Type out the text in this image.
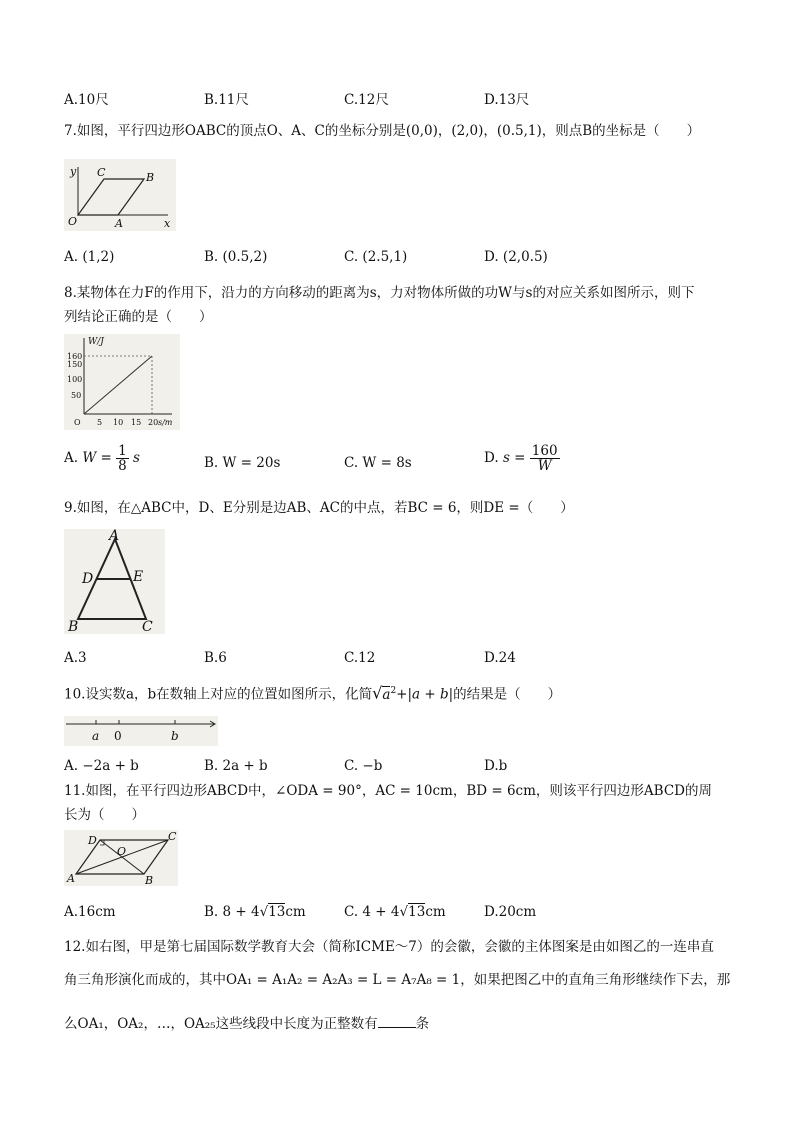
A.10尺	B.11尺	C.12尺	D.13尺
7.如图，平行四边形OABC的顶点O、A、C的坐标分别是(0,0)，(2,0)，(0.5,1)，则点B的坐标是（　　）
y C	B
O	A	x
A. (1,2)	B. (0.5,2)	C. (2.5,1)	D. (2,0.5)
8.某物体在力F的作用下，沿力的方向移动的距离为s，力对物体所做的功W与s的对应关系如图所示，则下
列结论正确的是（　　）
W/J
160
150
100
50
O 5 10 15 20 s/m
A. $W = \frac{1}{8}$ s	B. W = 20s	C. W = 8s	D. $s = \frac{160}{W}$
9.如图，在△ABC中，D、E分别是边AB、AC的中点，若BC = 6，则DE =（　　）
A
D	E
B	C
A.3	B.6	C.12	D.24
10.设实数a，b在数轴上对应的位置如图所示，化简$√a^2+|a + b|$的结果是（　　）
a 0	b
A. −2a + b	B. 2a + b	C. −b	D.b
11.如图，在平行四边形ABCD中，∠ODA = 90°，AC = 10cm，BD = 6cm，则该平行四边形ABCD的周
长为（　　）
D	C
O
A	B
A.16cm	B. 8 + 4√13cm	C. 4 + 4√13cm	D.20cm
12.如右图，甲是第七届国际数学教育大会（简称ICME～7）的会徽，会徽的主体图案是由如图乙的一连串直
角三角形演化而成的，其中OA₁ = A₁A₂ = A₂A₃ = L = A₇A₈ = 1，如果把图乙中的直角三角形继续作下去，那
么OA₁，OA₂，…，OA₂₅这些线段中长度为正整数有	条
